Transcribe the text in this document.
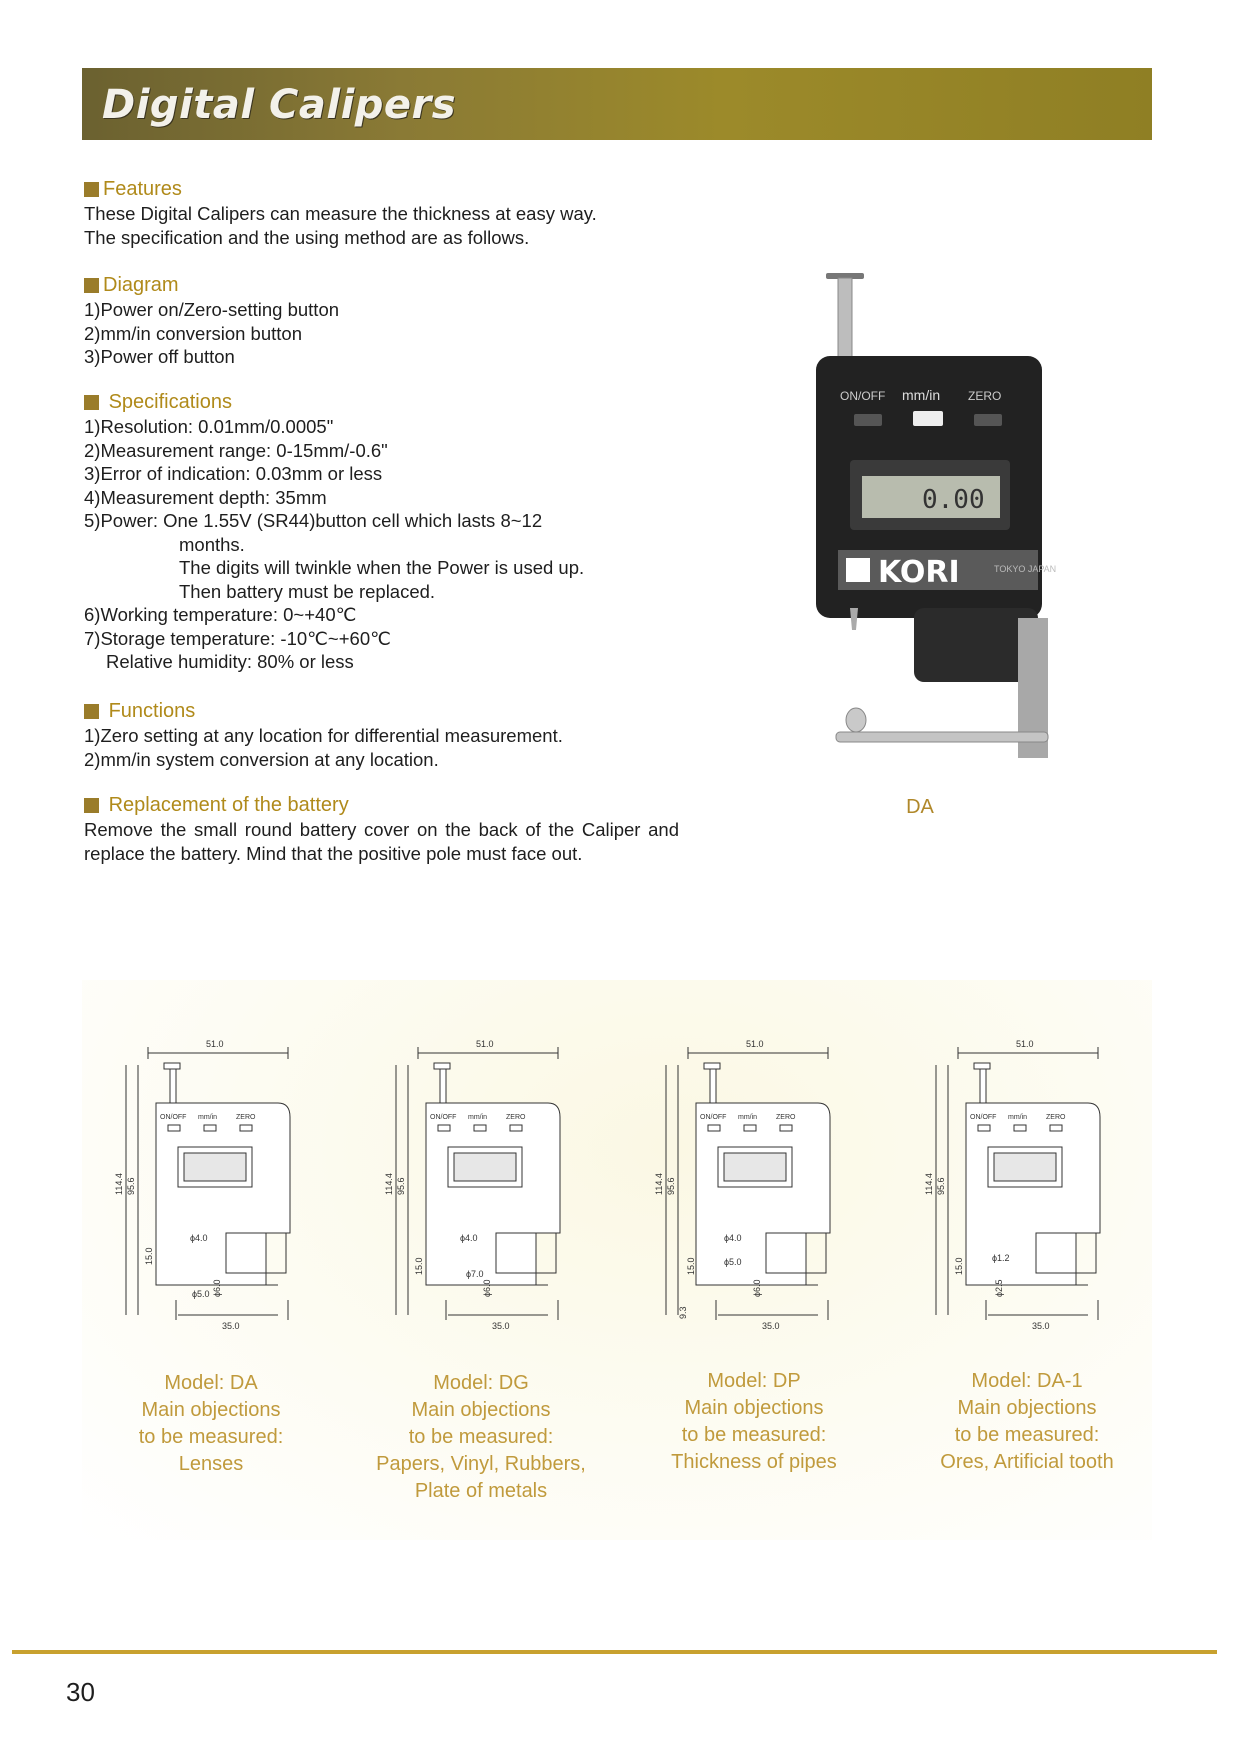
Digital Calipers
Features
These Digital Calipers can measure the thickness at easy way.
The specification and the using method are as follows.
Diagram
1)Power on/Zero-setting button
2)mm/in conversion button
3)Power off button

Specifications
1)Resolution: 0.01mm/0.0005"
2)Measurement range: 0-15mm/-0.6"
3)Error of indication: 0.03mm or less
4)Measurement depth: 35mm
5)Power: One 1.55V (SR44)button cell which lasts 8~12
months.
The digits will twinkle when the Power is used up.
Then battery must be replaced.
6)Working temperature: 0~+40℃
7)Storage temperature: -10℃~+60℃
Relative humidity: 80% or less

Functions
1)Zero setting at any location for differential measurement.
2)mm/in system conversion at any location.

Replacement of the battery
Remove the small round battery cover on the back of the Caliper and replace the battery. Mind that the positive pole must face out.
ON/OFF mm/in ZERO
0.00
KORI	TOKYO JAPAN
DA
51.0
35.0
114.4 95.6
ON/OFF mm/in	ZERO
15.0
ϕ4.0
ϕ5.0 ϕ6.0
51.0
35.0
114.4 95.6
ON/OFF mm/in	ZERO
15.0
ϕ4.0
ϕ7.0
ϕ6.0
51.0
35.0
114.4 95.6
ON/OFF mm/in	ZERO
9.3
15.0
ϕ4.0
ϕ5.0
ϕ6.0
51.0
35.0
114.4 95.6
ON/OFF mm/in	ZERO
15.0	ϕ1.2
ϕ2.5
Model: DA
Main objections
to be measured:
Lenses
Model: DG
Main objections
to be measured:
Papers, Vinyl, Rubbers,
Plate of metals
Model: DP
Main objections
to be measured:
Thickness of pipes
Model: DA-1
Main objections
to be measured:
Ores, Artificial tooth
30
